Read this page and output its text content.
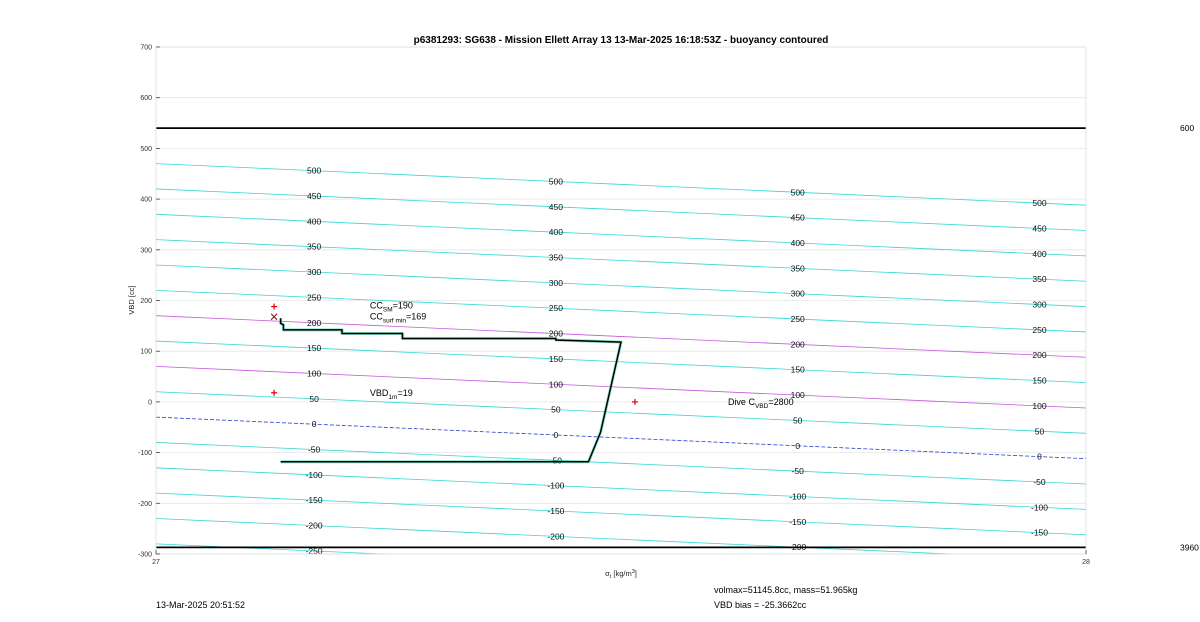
-250
-200
-200
-200
-150
-150
-150
-150
-100
-100
-100
-100
-50
-50
-50
-50
0
0
0
0
50
50
50
50
100
100
100
100
150
150
150
150
200
200
200
200
250
250
250
250
300
300
300
300
350
350
350
350
400
400
400
400
450
450
450
450
500
500
500
500
600
3960
$CC_{SM}=190$
$CC_{surf min}=169$
$VBD_{1m}=19$
Dive $C_{VBD}=2800$
-300
-200
-100
0
100
200
300
400
500
600
700
27	28
p6381293: SG638 - Mission Ellett Array 13 13-Mar-2025 16:18:53Z - buoyancy contoured
VBD [cc]
$\sigma_t$ $[kg/m^3]$
13-Mar-2025 20:51:52
volmax=51145.8cc, mass=51.965kg
VBD bias = -25.3662cc
